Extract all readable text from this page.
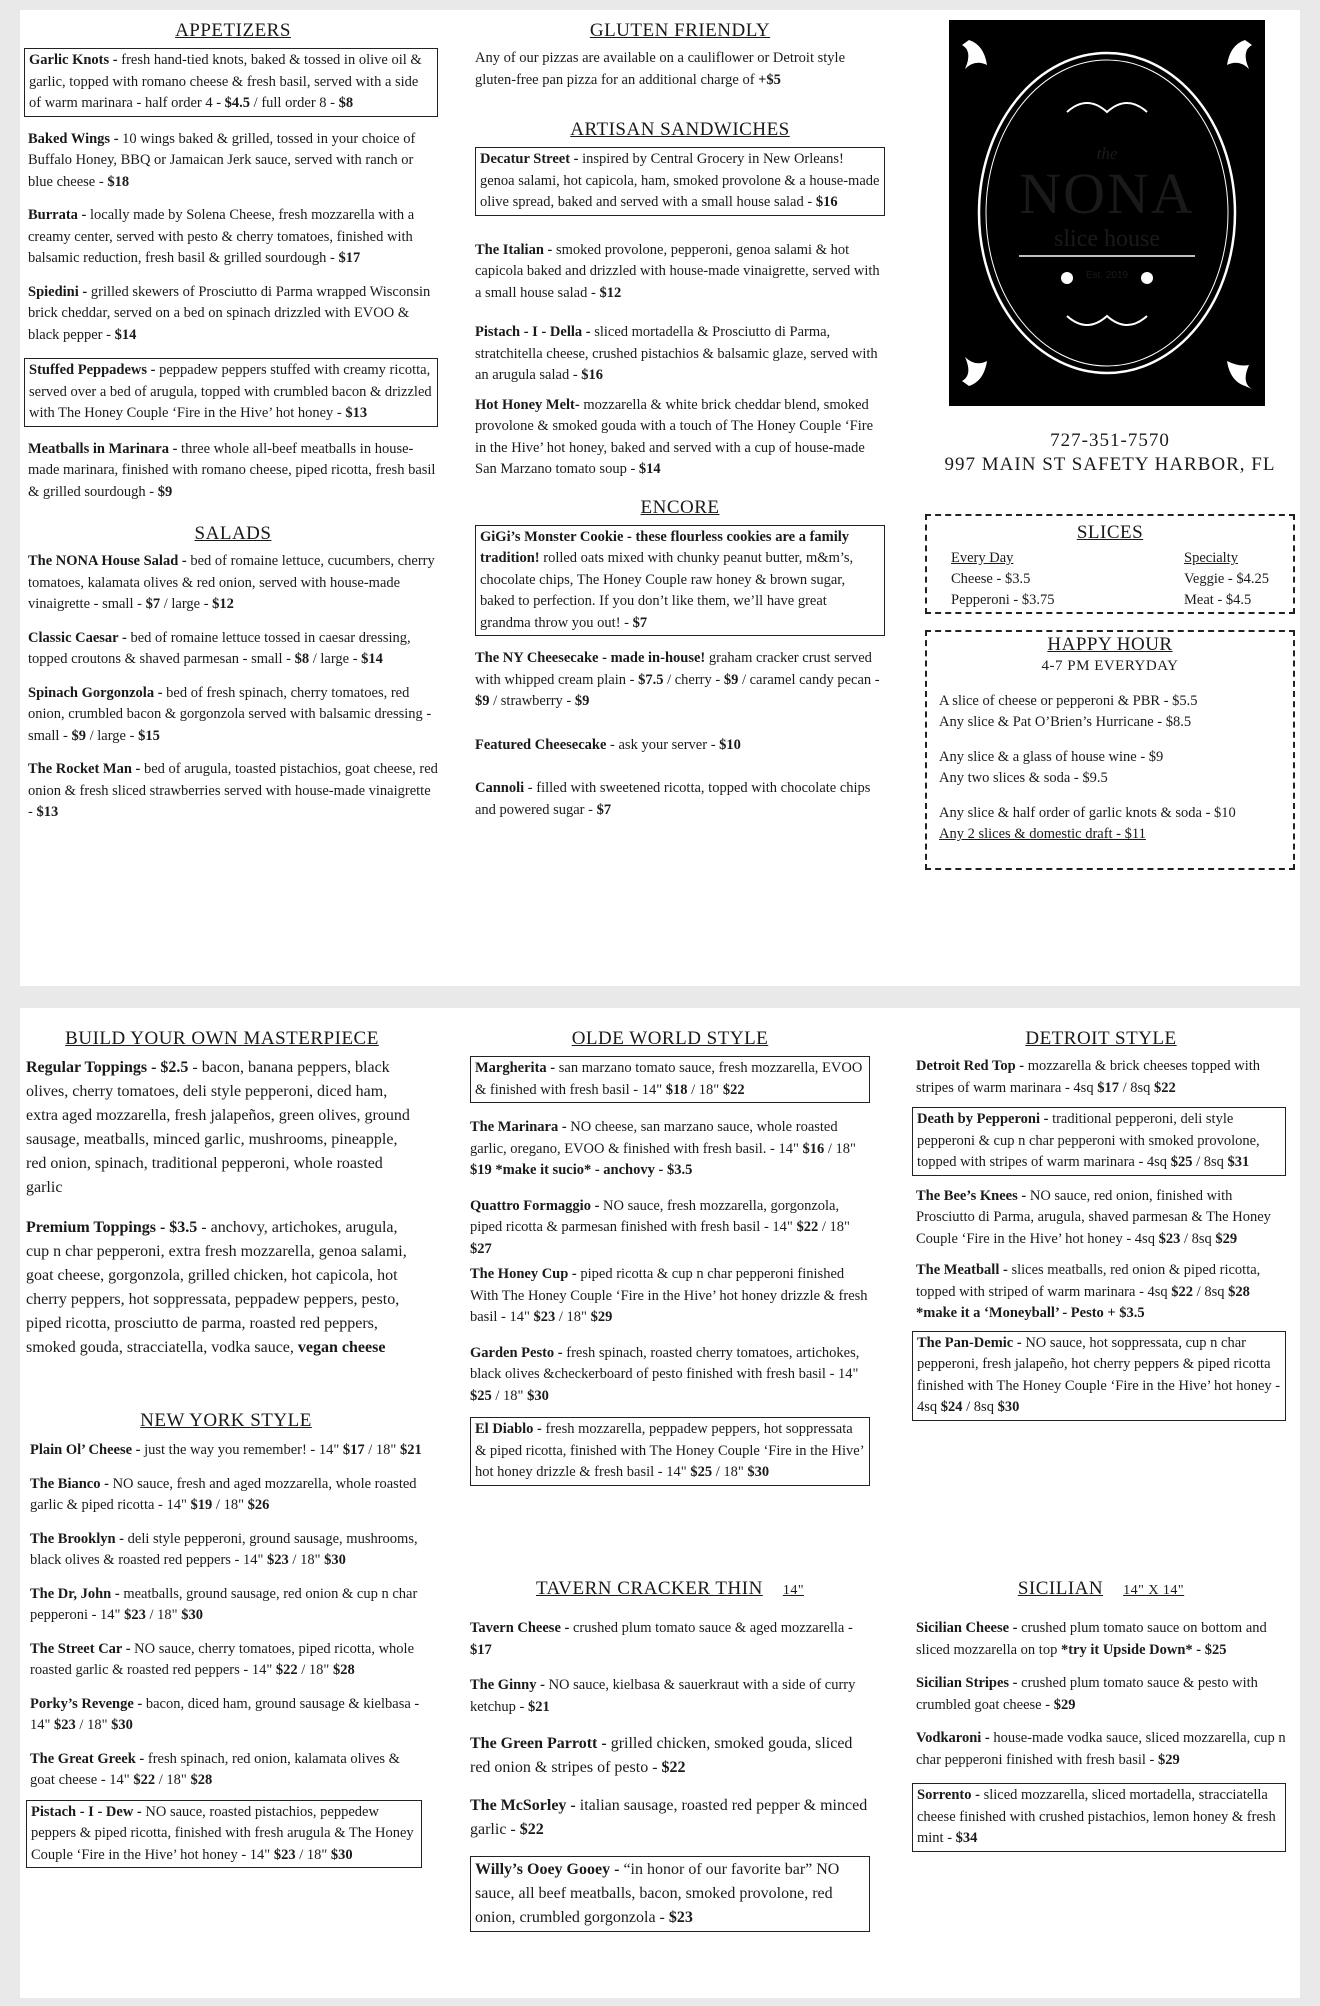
APPETIZERS
Garlic Knots - fresh hand-tied knots, baked & tossed in olive oil & garlic, topped with romano cheese & fresh basil, served with a side of warm marinara - half order 4 - $4.5 / full order 8 - $8
Baked Wings - 10 wings baked & grilled, tossed in your choice of Buffalo Honey, BBQ or Jamaican Jerk sauce, served with ranch or blue cheese - $18
Burrata - locally made by Solena Cheese, fresh mozzarella with a creamy center, served with pesto & cherry tomatoes, finished with balsamic reduction, fresh basil & grilled sourdough - $17
Spiedini - grilled skewers of Prosciutto di Parma wrapped Wisconsin brick cheddar, served on a bed on spinach drizzled with EVOO & black pepper - $14
Stuffed Peppadews - peppadew peppers stuffed with creamy ricotta, served over a bed of arugula, topped with crumbled bacon & drizzled with The Honey Couple ‘Fire in the Hive’ hot honey - $13
Meatballs in Marinara - three whole all-beef meatballs in house-made marinara, finished with romano cheese, piped ricotta, fresh basil & grilled sourdough - $9
SALADS
The NONA House Salad - bed of romaine lettuce, cucumbers, cherry tomatoes, kalamata olives & red onion, served with house-made vinaigrette - small - $7 / large - $12
Classic Caesar - bed of romaine lettuce tossed in caesar dressing, topped croutons & shaved parmesan - small - $8 / large - $14
Spinach Gorgonzola - bed of fresh spinach, cherry tomatoes, red onion, crumbled bacon & gorgonzola served with balsamic dressing - small - $9 / large - $15
The Rocket Man - bed of arugula, toasted pistachios, goat cheese, red onion & fresh sliced strawberries served with house-made vinaigrette - $13
GLUTEN FRIENDLY
Any of our pizzas are available on a cauliflower or Detroit style gluten-free pan pizza for an additional charge of +$5
ARTISAN SANDWICHES
Decatur Street - inspired by Central Grocery in New Orleans! genoa salami, hot capicola, ham, smoked provolone & a house-made olive spread, baked and served with a small house salad - $16
The Italian - smoked provolone, pepperoni, genoa salami & hot capicola baked and drizzled with house-made vinaigrette, served with a small house salad - $12
Pistach - I - Della - sliced mortadella & Prosciutto di Parma, stratchitella cheese, crushed pistachios & balsamic glaze, served with an arugula salad - $16
Hot Honey Melt- mozzarella & white brick cheddar blend, smoked provolone & smoked gouda with a touch of The Honey Couple ‘Fire in the Hive’ hot honey, baked and served with a cup of house-made San Marzano tomato soup - $14
ENCORE
GiGi’s Monster Cookie - these flourless cookies are a family tradition! rolled oats mixed with chunky peanut butter, m&m’s, chocolate chips, The Honey Couple raw honey & brown sugar, baked to perfection. If you don’t like them, we’ll have great grandma throw you out! - $7
The NY Cheesecake - made in-house! graham cracker crust served with whipped cream plain - $7.5 / cherry - $9 / caramel candy pecan - $9 / strawberry - $9
Featured Cheesecake - ask your server - $10
Cannoli - filled with sweetened ricotta, topped with chocolate chips and powered sugar - $7
the
NONA
slice house
Est. 2019
727-351-7570
997 MAIN ST SAFETY HARBOR, FL
SLICES
Every Day
Cheese - $3.5
Pepperoni - $3.75
Specialty
Veggie - $4.25
Meat - $4.5
HAPPY HOUR
4-7 PM EVERYDAY
A slice of cheese or pepperoni & PBR - $5.5
Any slice & Pat O’Brien’s Hurricane - $8.5
Any slice & a glass of house wine - $9
Any two slices & soda - $9.5
Any slice & half order of garlic knots & soda - $10
Any 2 slices & domestic draft - $11
BUILD YOUR OWN MASTERPIECE
Regular Toppings - $2.5 - bacon, banana peppers, black olives, cherry tomatoes, deli style pepperoni, diced ham, extra aged mozzarella, fresh jalapeños, green olives, ground sausage, meatballs, minced garlic, mushrooms, pineapple, red onion, spinach, traditional pepperoni, whole roasted garlic
Premium Toppings - $3.5 - anchovy, artichokes, arugula, cup n char pepperoni, extra fresh mozzarella, genoa salami, goat cheese, gorgonzola, grilled chicken, hot capicola, hot cherry peppers, hot soppressata, peppadew peppers, pesto, piped ricotta, prosciutto de parma, roasted red peppers, smoked gouda, stracciatella, vodka sauce, vegan cheese
NEW YORK STYLE
Plain Ol’ Cheese - just the way you remember! - 14" $17 / 18" $21
The Bianco - NO sauce, fresh and aged mozzarella, whole roasted garlic & piped ricotta - 14" $19 / 18" $26
The Brooklyn - deli style pepperoni, ground sausage, mushrooms, black olives & roasted red peppers - 14" $23 / 18" $30
The Dr, John - meatballs, ground sausage, red onion & cup n char pepperoni - 14" $23 / 18" $30
The Street Car - NO sauce, cherry tomatoes, piped ricotta, whole roasted garlic & roasted red peppers - 14" $22 / 18" $28
Porky’s Revenge - bacon, diced ham, ground sausage & kielbasa - 14" $23 / 18" $30
The Great Greek - fresh spinach, red onion, kalamata olives & goat cheese - 14" $22 / 18" $28
Pistach - I - Dew - NO sauce, roasted pistachios, peppedew peppers & piped ricotta, finished with fresh arugula & The Honey Couple ‘Fire in the Hive’ hot honey - 14" $23 / 18" $30
OLDE WORLD STYLE
Margherita - san marzano tomato sauce, fresh mozzarella, EVOO & finished with fresh basil - 14" $18 / 18" $22
The Marinara - NO cheese, san marzano sauce, whole roasted garlic, oregano, EVOO & finished with fresh basil. - 14" $16 / 18" $19 *make it sucio* - anchovy - $3.5
Quattro Formaggio - NO sauce, fresh mozzarella, gorgonzola, piped ricotta & parmesan finished with fresh basil - 14" $22 / 18" $27
The Honey Cup - piped ricotta & cup n char pepperoni finished With The Honey Couple ‘Fire in the Hive’ hot honey drizzle & fresh basil - 14" $23 / 18" $29
Garden Pesto - fresh spinach, roasted cherry tomatoes, artichokes, black olives &checkerboard of pesto finished with fresh basil - 14" $25 / 18" $30
El Diablo - fresh mozzarella, peppadew peppers, hot soppressata & piped ricotta, finished with The Honey Couple ‘Fire in the Hive’ hot honey drizzle & fresh basil - 14" $25 / 18" $30
TAVERN CRACKER THIN 14"
Tavern Cheese - crushed plum tomato sauce & aged mozzarella - $17
The Ginny - NO sauce, kielbasa & sauerkraut with a side of curry ketchup - $21
The Green Parrott - grilled chicken, smoked gouda, sliced red onion & stripes of pesto - $22
The McSorley - italian sausage, roasted red pepper & minced garlic - $22
Willy’s Ooey Gooey - “in honor of our favorite bar” NO sauce, all beef meatballs, bacon, smoked provolone, red onion, crumbled gorgonzola - $23
DETROIT STYLE
Detroit Red Top - mozzarella & brick cheeses topped with stripes of warm marinara - 4sq $17 / 8sq $22
Death by Pepperoni - traditional pepperoni, deli style pepperoni & cup n char pepperoni with smoked provolone, topped with stripes of warm marinara - 4sq $25 / 8sq $31
The Bee’s Knees - NO sauce, red onion, finished with Prosciutto di Parma, arugula, shaved parmesan & The Honey Couple ‘Fire in the Hive’ hot honey - 4sq $23 / 8sq $29
The Meatball - slices meatballs, red onion & piped ricotta, topped with striped of warm marinara - 4sq $22 / 8sq $28
*make it a ‘Moneyball’ - Pesto + $3.5
The Pan-Demic - NO sauce, hot soppressata, cup n char pepperoni, fresh jalapeño, hot cherry peppers & piped ricotta finished with The Honey Couple ‘Fire in the Hive’ hot honey - 4sq $24 / 8sq $30
SICILIAN 14" X 14"
Sicilian Cheese - crushed plum tomato sauce on bottom and sliced mozzarella on top *try it Upside Down* - $25
Sicilian Stripes - crushed plum tomato sauce & pesto with crumbled goat cheese - $29
Vodkaroni - house-made vodka sauce, sliced mozzarella, cup n char pepperoni finished with fresh basil - $29
Sorrento - sliced mozzarella, sliced mortadella, stracciatella cheese finished with crushed pistachios, lemon honey & fresh mint - $34
